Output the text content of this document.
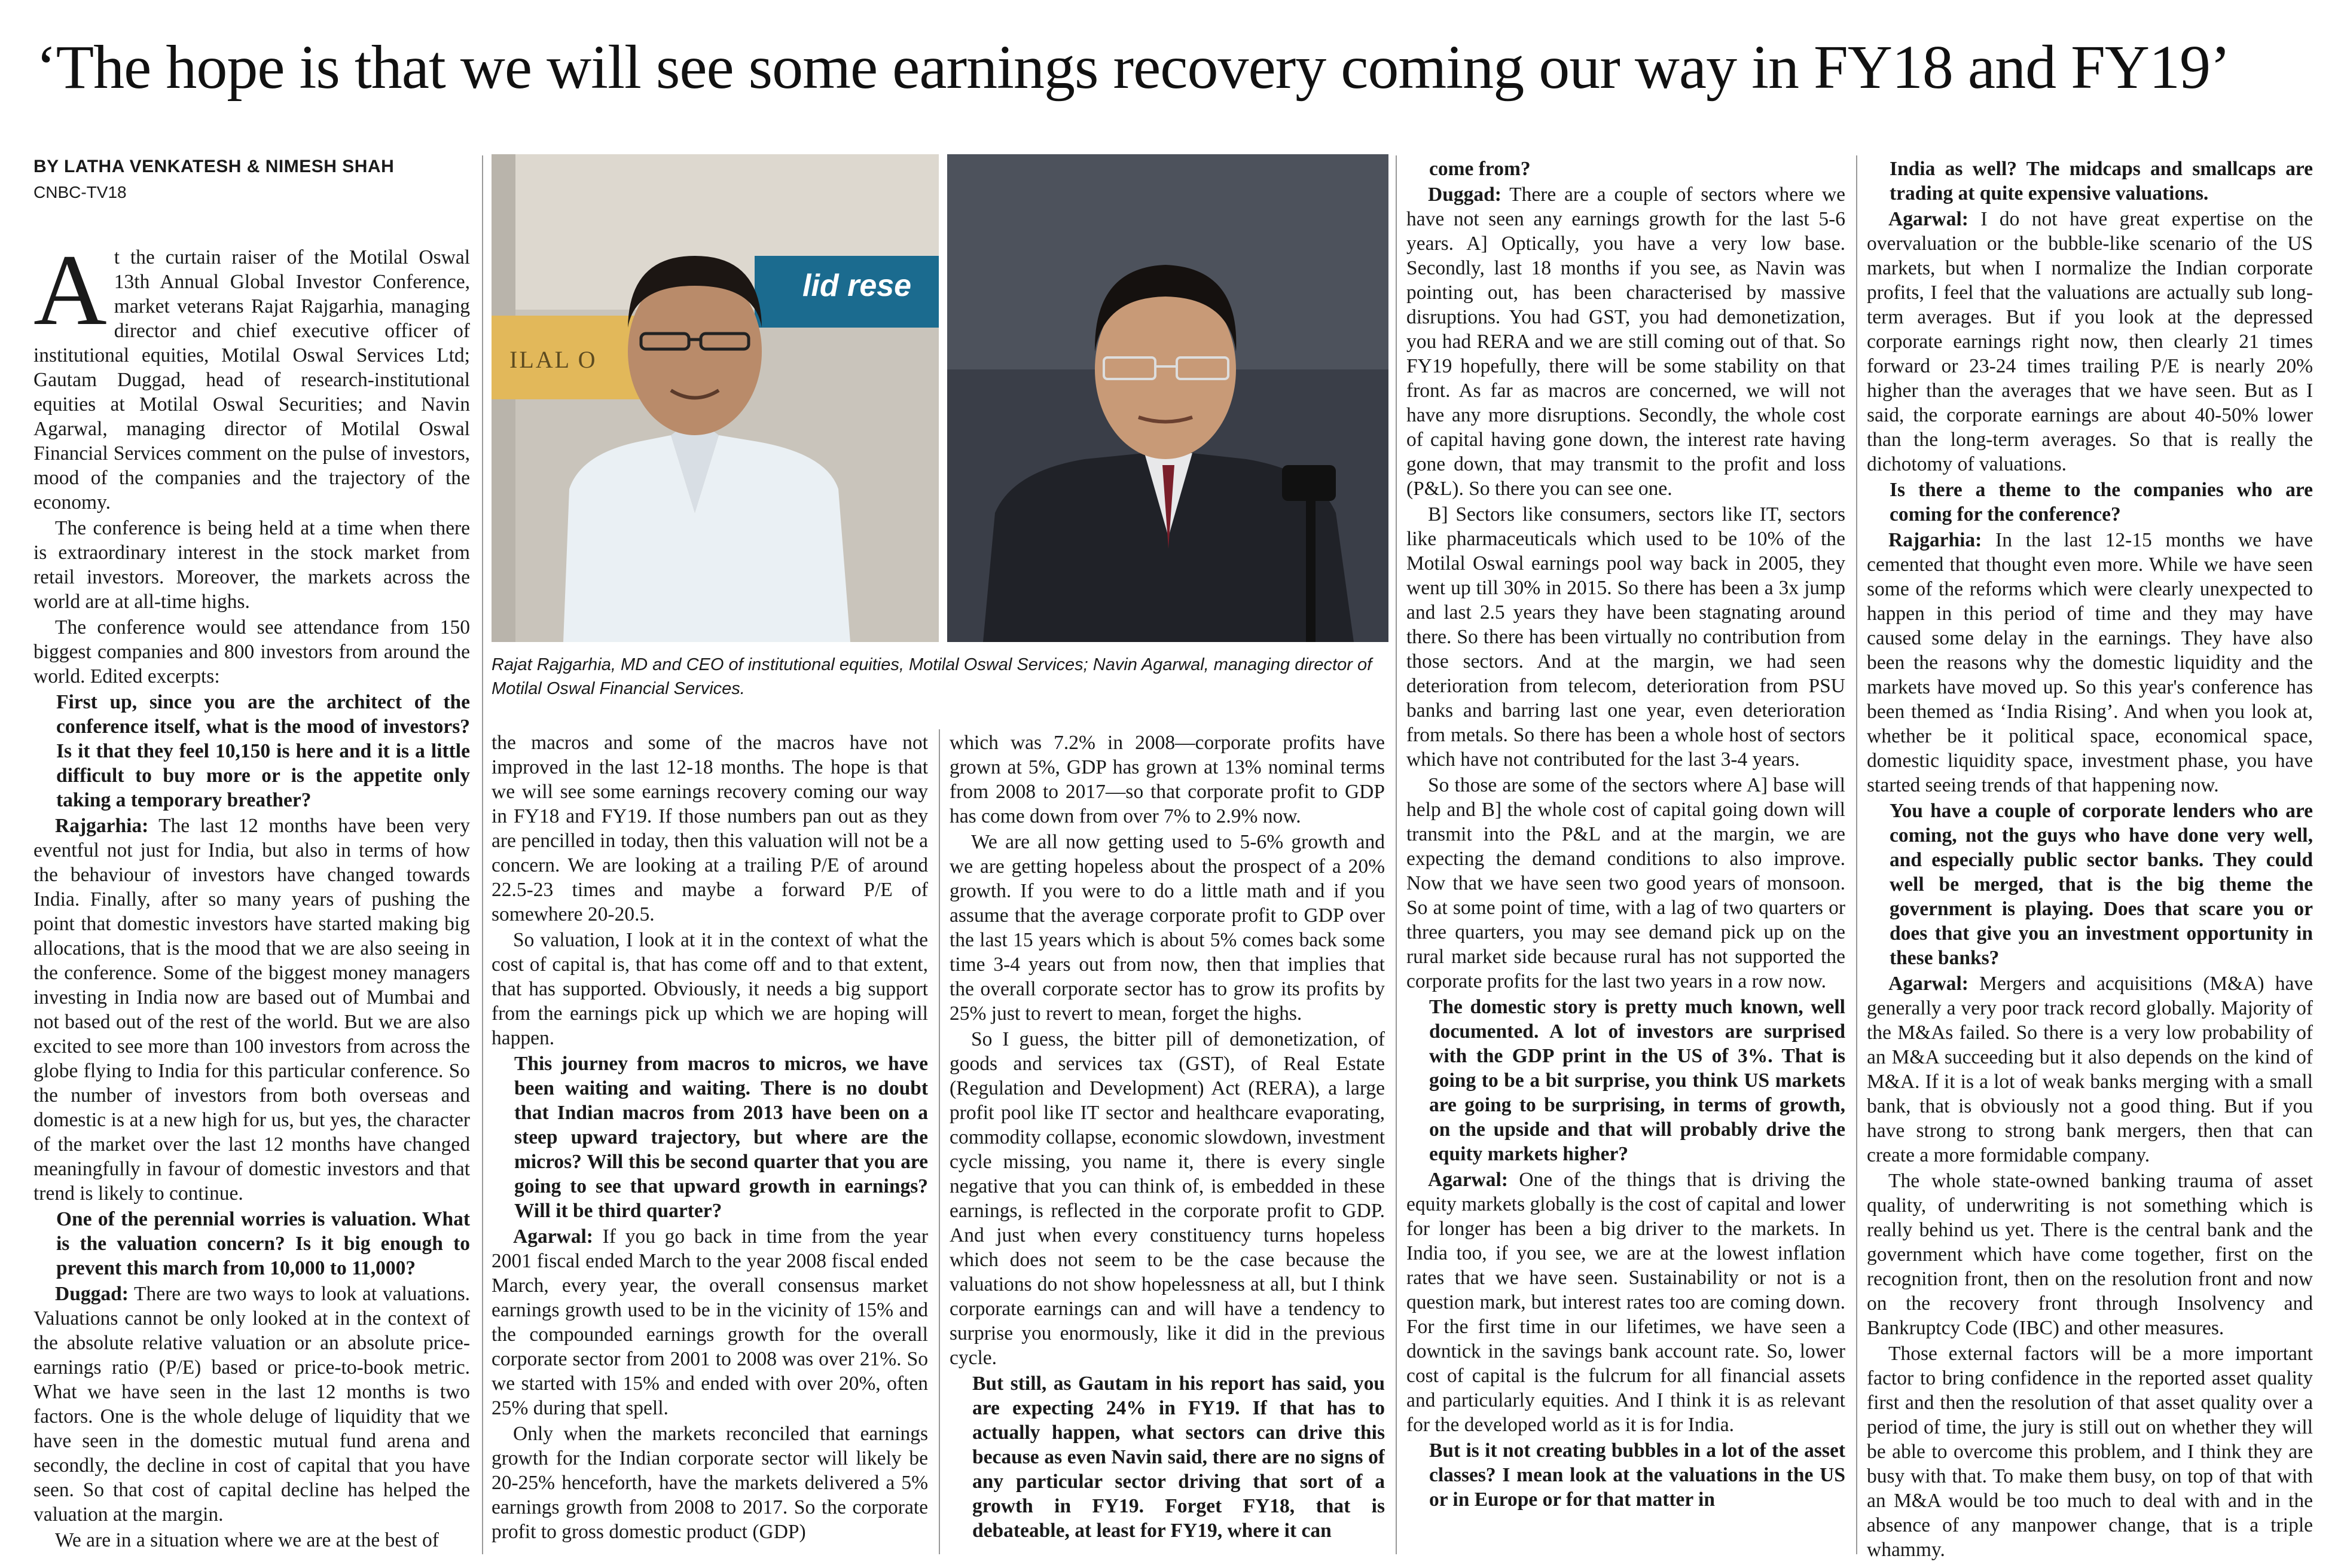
‘The hope is that we will see some earnings recovery coming our way in FY18 and FY19’
BY LATHA VENKATESH & NIMESH SHAH
CNBC-TV18
lid rese
ILAL O
Rajat Rajgarhia, MD and CEO of institutional equities, Motilal Oswal Services; Navin Agarwal, managing director of Motilal Oswal Financial Services.

At the curtain raiser of the Motilal Oswal 13th Annual Global Investor Conference, market veterans Rajat Rajgarhia, managing director and chief executive officer of institutional equities, Motilal Oswal Services Ltd; Gautam Duggad, head of research-institutional equities at Motilal Oswal Securities; and Navin Agarwal, managing director of Motilal Oswal Financial Services comment on the pulse of investors, mood of the companies and the trajectory of the economy.

The conference is being held at a time when there is extraordinary interest in the stock market from retail investors. Moreover, the markets across the world are at all-time highs.

The conference would see attendance from 150 biggest companies and 800 investors from around the world. Edited excerpts:

First up, since you are the architect of the conference itself, what is the mood of investors? Is it that they feel 10,150 is here and it is a little difficult to buy more or is the appetite only taking a temporary breather?

Rajgarhia: The last 12 months have been very eventful not just for India, but also in terms of how the behaviour of investors have changed towards India. Finally, after so many years of pushing the point that domestic investors have started making big allocations, that is the mood that we are also seeing in the conference. Some of the biggest money managers investing in India now are based out of Mumbai and not based out of the rest of the world. But we are also excited to see more than 100 investors from across the globe flying to India for this particular conference. So the number of investors from both overseas and domestic is at a new high for us, but yes, the character of the market over the last 12 months have changed meaningfully in favour of domestic investors and that trend is likely to continue.

One of the perennial worries is valuation. What is the valuation concern? Is it big enough to prevent this march from 10,000 to 11,000?

Duggad: There are two ways to look at valuations. Valuations cannot be only looked at in the context of the absolute relative valuation or an absolute price-earnings ratio (P/E) based or price-to-book metric. What we have seen in the last 12 months is two factors. One is the whole deluge of liquidity that we have seen in the domestic mutual fund arena and secondly, the decline in cost of capital that you have seen. So that cost of capital decline has helped the valuation at the margin.

We are in a situation where we are at the best of

the macros and some of the macros have not improved in the last 12-18 months. The hope is that we will see some earnings recovery coming our way in FY18 and FY19. If those numbers pan out as they are pencilled in today, then this valuation will not be a concern. We are looking at a trailing P/E of around 22.5-23 times and maybe a forward P/E of somewhere 20-20.5.

So valuation, I look at it in the context of what the cost of capital is, that has come off and to that extent, that has supported. Obviously, it needs a big support from the earnings pick up which we are hoping will happen.

This journey from macros to micros, we have been waiting and waiting. There is no doubt that Indian macros from 2013 have been on a steep upward trajectory, but where are the micros? Will this be second quarter that you are going to see that upward growth in earnings? Will it be third quarter?

Agarwal: If you go back in time from the year 2001 fiscal ended March to the year 2008 fiscal ended March, every year, the overall consensus market earnings growth used to be in the vicinity of 15% and the compounded earnings growth for the overall corporate sector from 2001 to 2008 was over 21%. So we started with 15% and ended with over 20%, often 25% during that spell.

Only when the markets reconciled that earnings growth for the Indian corporate sector will likely be 20-25% henceforth, have the markets delivered a 5% earnings growth from 2008 to 2017. So the corporate profit to gross domestic product (GDP)

which was 7.2% in 2008—corporate profits have grown at 5%, GDP has grown at 13% nominal terms from 2008 to 2017—so that corporate profit to GDP has come down from over 7% to 2.9% now.

We are all now getting used to 5-6% growth and we are getting hopeless about the prospect of a 20% growth. If you were to do a little math and if you assume that the average corporate profit to GDP over the last 15 years which is about 5% comes back some time 3-4 years out from now, then that implies that the overall corporate sector has to grow its profits by 25% just to revert to mean, forget the highs.

So I guess, the bitter pill of demonetization, of goods and services tax (GST), of Real Estate (Regulation and Development) Act (RERA), a large profit pool like IT sector and healthcare evaporating, commodity collapse, economic slowdown, investment cycle missing, you name it, there is every single negative that you can think of, is embedded in these earnings, is reflected in the corporate profit to GDP. And just when every constituency turns hopeless which does not seem to be the case because the valuations do not show hopelessness at all, but I think corporate earnings can and will have a tendency to surprise you enormously, like it did in the previous cycle.

But still, as Gautam in his report has said, you are expecting 24% in FY19. If that has to actually happen, what sectors can drive this because as even Navin said, there are no signs of any particular sector driving that sort of a growth in FY19. Forget FY18, that is debateable, at least for FY19, where it can

come from?

Duggad: There are a couple of sectors where we have not seen any earnings growth for the last 5-6 years. A] Optically, you have a very low base. Secondly, last 18 months if you see, as Navin was pointing out, has been characterised by massive disruptions. You had GST, you had demonetization, you had RERA and we are still coming out of that. So FY19 hopefully, there will be some stability on that front. As far as macros are concerned, we will not have any more disruptions. Secondly, the whole cost of capital having gone down, the interest rate having gone down, that may transmit to the profit and loss (P&L). So there you can see one.

B] Sectors like consumers, sectors like IT, sectors like pharmaceuticals which used to be 10% of the Motilal Oswal earnings pool way back in 2005, they went up till 30% in 2015. So there has been a 3x jump and last 2.5 years they have been stagnating around there. So there has been virtually no contribution from those sectors. And at the margin, we had seen deterioration from telecom, deterioration from PSU banks and barring last one year, even deterioration from metals. So there has been a whole host of sectors which have not contributed for the last 3-4 years.

So those are some of the sectors where A] base will help and B] the whole cost of capital going down will transmit into the P&L and at the margin, we are expecting the demand conditions to also improve. Now that we have seen two good years of monsoon. So at some point of time, with a lag of two quarters or three quarters, you may see demand pick up on the rural market side because rural has not supported the corporate profits for the last two years in a row now.

The domestic story is pretty much known, well documented. A lot of investors are surprised with the GDP print in the US of 3%. That is going to be a bit surprise, you think US markets are going to be surprising, in terms of growth, on the upside and that will probably drive the equity markets higher?

Agarwal: One of the things that is driving the equity markets globally is the cost of capital and lower for longer has been a big driver to the markets. In India too, if you see, we are at the lowest inflation rates that we have seen. Sustainability or not is a question mark, but interest rates too are coming down. For the first time in our lifetimes, we have seen a downtick in the savings bank account rate. So, lower cost of capital is the fulcrum for all financial assets and particularly equities. And I think it is as relevant for the developed world as it is for India.

But is it not creating bubbles in a lot of the asset classes? I mean look at the valuations in the US or in Europe or for that matter in

India as well? The midcaps and smallcaps are trading at quite expensive valuations.

Agarwal: I do not have great expertise on the overvaluation or the bubble-like scenario of the US markets, but when I normalize the Indian corporate profits, I feel that the valuations are actually sub long-term averages. But if you look at the depressed corporate earnings right now, then clearly 21 times forward or 23-24 times trailing P/E is nearly 20% higher than the averages that we have seen. But as I said, the corporate earnings are about 40-50% lower than the long-term averages. So that is really the dichotomy of valuations.

Is there a theme to the companies who are coming for the conference?

Rajgarhia: In the last 12-15 months we have cemented that thought even more. While we have seen some of the reforms which were clearly unexpected to happen in this period of time and they may have caused some delay in the earnings. They have also been the reasons why the domestic liquidity and the markets have moved up. So this year's conference has been themed as ‘India Rising’. And when you look at, whether be it political space, economical space, domestic liquidity space, investment phase, you have started seeing trends of that happening now.

You have a couple of corporate lenders who are coming, not the guys who have done very well, and especially public sector banks. They could well be merged, that is the big theme the government is playing. Does that scare you or does that give you an investment opportunity in these banks?

Agarwal: Mergers and acquisitions (M&A) have generally a very poor track record globally. Majority of the M&As failed. So there is a very low probability of an M&A succeeding but it also depends on the kind of M&A. If it is a lot of weak banks merging with a small bank, that is obviously not a good thing. But if you have strong to strong bank mergers, then that can create a more formidable company.

The whole state-owned banking trauma of asset quality, of underwriting is not something which is really behind us yet. There is the central bank and the government which have come together, first on the recognition front, then on the resolution front and now on the recovery front through Insolvency and Bankruptcy Code (IBC) and other measures.

Those external factors will be a more important factor to bring confidence in the reported asset quality first and then the resolution of that asset quality over a period of time, the jury is still out on whether they will be able to overcome this problem, and I think they are busy with that. To make them busy, on top of that with an M&A would be too much to deal with and in the absence of any manpower change, that is a triple whammy.
